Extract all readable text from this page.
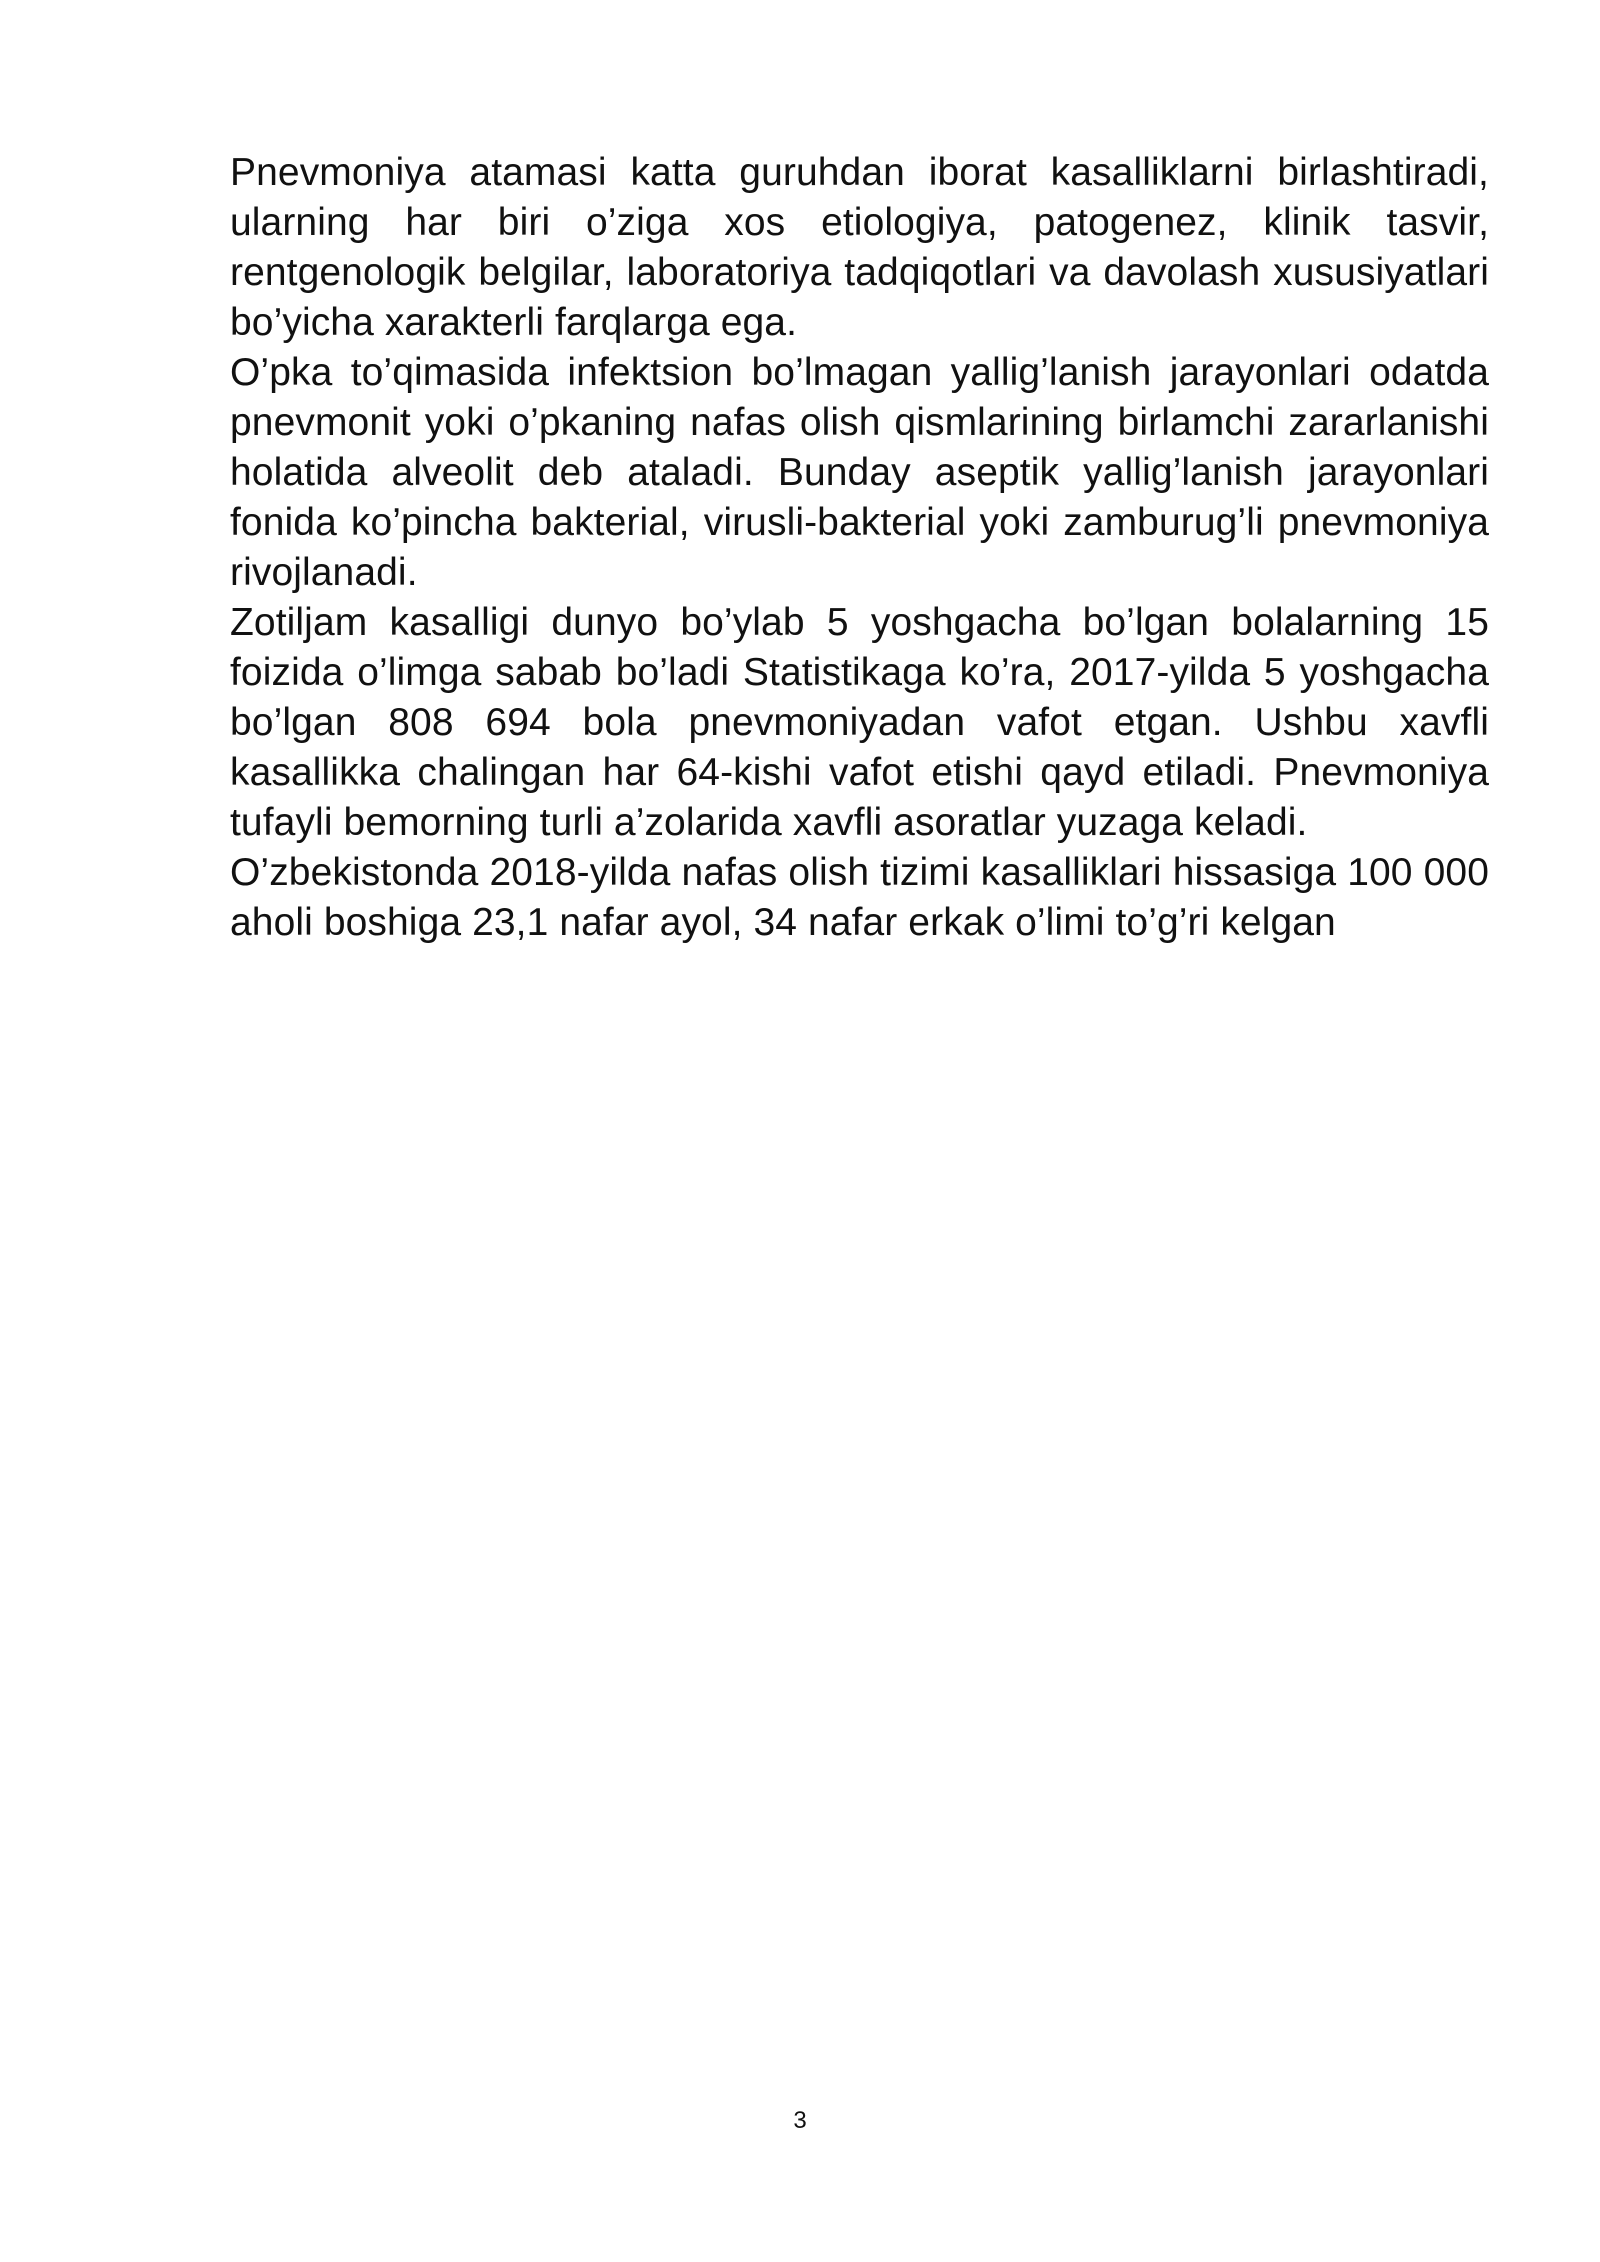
Pnevmoniya atamasi katta guruhdan iborat kasalliklarni birlashtiradi, ularning har biri o’ziga xos etiologiya, patogenez, klinik tasvir, rentgenologik belgilar, laboratoriya tadqiqotlari va davolash xususiyatlari bo’yicha xarakterli farqlarga ega.

O’pka to’qimasida infektsion bo’lmagan yallig’lanish jarayonlari odatda pnevmonit yoki o’pkaning nafas olish qismlarining birlamchi zararlanishi holatida alveolit deb ataladi. Bunday aseptik yallig’lanish jarayonlari fonida ko’pincha bakterial, virusli-bakterial yoki zamburug’li pnevmoniya rivojlanadi.

Zotiljam kasalligi dunyo bo’ylab 5 yoshgacha bo’lgan bolalarning 15 foizida o’limga sabab bo’ladi Statistikaga ko’ra, 2017-yilda 5 yoshgacha bo’lgan 808 694 bola pnevmoniyadan vafot etgan. Ushbu xavfli kasallikka chalingan har 64-kishi vafot etishi qayd etiladi. Pnevmoniya tufayli bemorning turli a’zolarida xavfli asoratlar yuzaga keladi.

O’zbekistonda 2018-yilda nafas olish tizimi kasalliklari hissasiga 100 000 aholi boshiga 23,1 nafar ayol, 34 nafar erkak o’limi to’g’ri kelgan

3
